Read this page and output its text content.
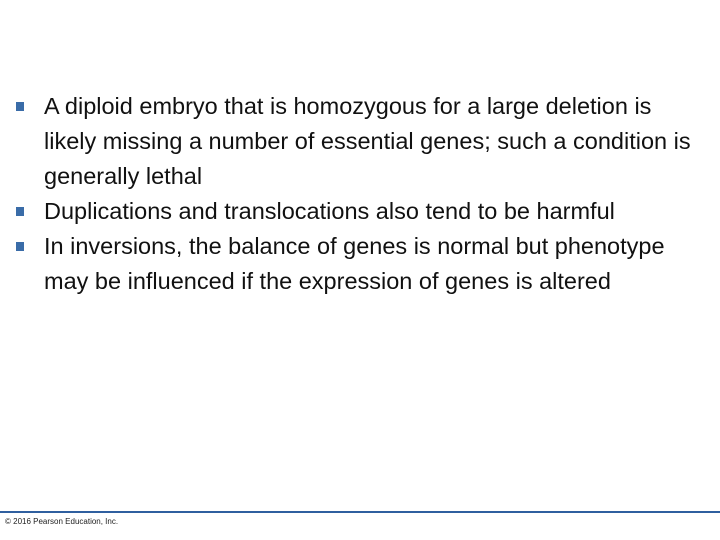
A diploid embryo that is homozygous for a large deletion is likely missing a number of essential genes; such a condition is generally lethal
Duplications and translocations also tend to be harmful
In inversions, the balance of genes is normal but phenotype may be influenced if the expression of genes is altered
© 2016 Pearson Education, Inc.
